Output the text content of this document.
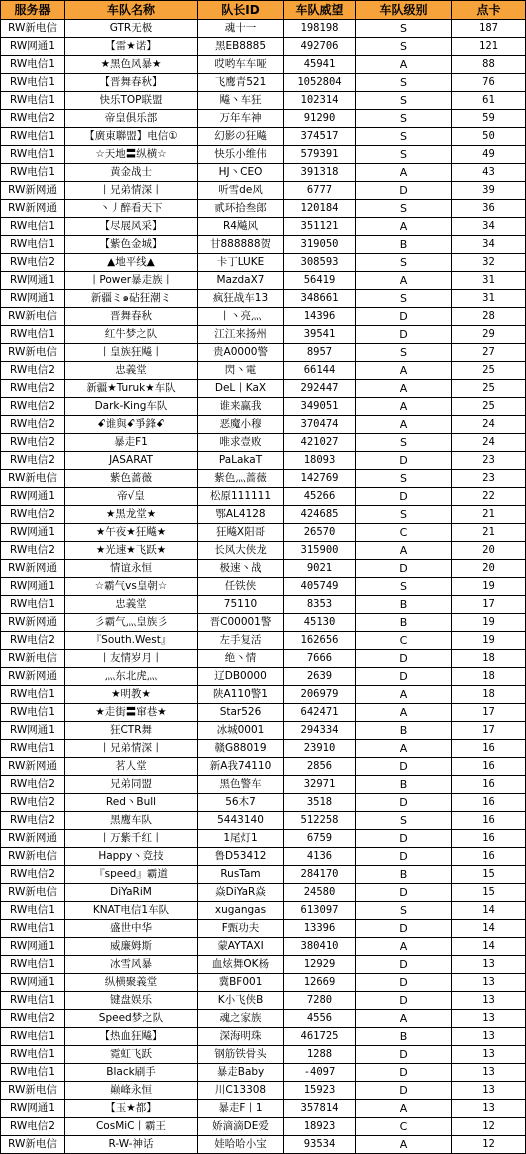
服务器	车队名称	队长ID	车队威望	车队级别	点卡
RW新电信	GTR无极	魂十一	198198	S	187
RW网通1	【雷★诺】	黑EB8885	492706	S	121
RW电信1	★黑色风暴★	哎哟车车哑	45941	A	88
RW电信1	【晋舞春秋】	飞鹰青521	1052804	S	76
RW电信1	快乐TOP联盟	飚丶车狂	102314	S	61
RW电信2	帝皇俱乐部	万年车神	91290	S	59
RW电信1	【廣東聯盟】电信①	幻影の狂飚	374517	S	50
RW电信1	☆天地〓纵横☆	快乐小维伟	579391	S	49
RW电信1	黄金战士	HJ丶CEO	391318	A	43
RW新网通	丨兄弟情深丨	听雪de风	6777	D	39
RW新网通	丶丿醉看天下	贰环拾叁郎	120184	S	36
RW电信1	【尽展风采】	R4飚风	351121	A	34
RW电信1	【紫色金城】	甘888888贺	319050	B	34
RW电信2	▲地平线▲	卡丁LUKE	308593	S	32
RW网通1	丨Power暴走族丨	MazdaX7	56419	A	31
RW网通1	新疆ミ๑砧狂潮ミ	疯狂战车13	348661	S	31
RW新电信	晋舞春秋	丨丶亮灬	14396	D	28
RW电信1	红牛梦之队	江江来扬州	39541	D	29
RW新电信	丨皇族狂飚丨	贵A0000警	8957	S	27
RW电信2	忠義堂	閃丶電	66144	A	25
RW电信2	新疆★Turuk★车队	DeL丨KaX	292447	A	25
RW电信2	Dark-King车队	谁来赢我	349051	A	25
RW电信2	ꗃ谁與ꗃ爭鋒ꗃ	恶魔小穆	370474	A	24
RW电信2	暴走F1	唯求壹败	421027	S	24
RW电信2	JASARAT	PaLakaT	18093	D	23
RW新电信	紫色蔷薇	紫色灬蔷薇	142769	S	23
RW网通1	帝√皇	松原111111	45266	D	22
RW电信2	★黑龙堂★	鄂AL4128	424685	S	21
RW网通1	★午夜★狂飚★	狂飚X阳哥	26570	C	21
RW电信2	★光速★飞跃★	长风大侠龙	315900	A	20
RW新网通	情谊永恒	极速丶战	9021	D	20
RW网通1	☆霸气vs皇朝☆	任铁侠	405749	S	19
RW电信1	忠義堂	75110	8353	B	17
RW新网通	彡霸气灬皇族彡	晋C00001警	45130	B	19
RW电信2	『South.West』	左手复活	162656	C	19
RW新电信	丨友情岁月丨	绝丶情	7666	D	18
RW新网通	灬东北虎灬	辽DB0000	2639	D	18
RW电信1	★明教★	陕A110警1	206979	A	18
RW电信1	★走街〓窜巷★	Star526	642471	A	17
RW网通1	狂CTR舞	冰城0001	294334	B	17
RW电信1	丨兄弟情深丨	赣G88019	23910	A	16
RW新网通	茗人堂	新A我74110	2856	D	16
RW电信2	兄弟同盟	黑色警车	32971	B	16
RW电信2	Red丶Bull	56木7	3518	D	16
RW电信2	黑鹰车队	5443140	512258	S	16
RW新网通	丨万紫千红丨	1尾灯1	6759	D	16
RW新电信	Happy丶竞技	鲁D53412	4136	D	16
RW电信2	『speed』霸道	RusTam	284170	B	15
RW新电信	DiYaRiM	焱DiYaR焱	24580	D	15
RW电信1	KNAT电信1车队	xugangas	613097	S	14
RW电信1	盛世中华	F甄功夫	13396	D	14
RW网通1	威廉姆斯	蒙AYTAXI	380410	A	14
RW电信1	冰雪风暴	血炫舞OK杨	12929	D	13
RW网通1	纵横聚義堂	冀BF001	12669	D	13
RW电信1	键盘娱乐	K小飞侠B	7280	D	13
RW电信2	Speed梦之队	魂之家族	4556	A	13
RW电信1	【热血狂飚】	深海明珠	461725	B	13
RW电信1	霓虹飞跃	钢筋铁骨头	1288	D	13
RW电信1	Black刷手	暴走Baby	-4097	D	13
RW新电信	巅峰永恒	川C13308	15923	D	13
RW网通1	【玉★都】	暴走F丨1	357814	A	13
RW电信2	CosMiC丨霸王	娇滴滴DE爱	18923	C	12
RW新电信	R-W-神话	娃哈哈小宝	93534	A	12
